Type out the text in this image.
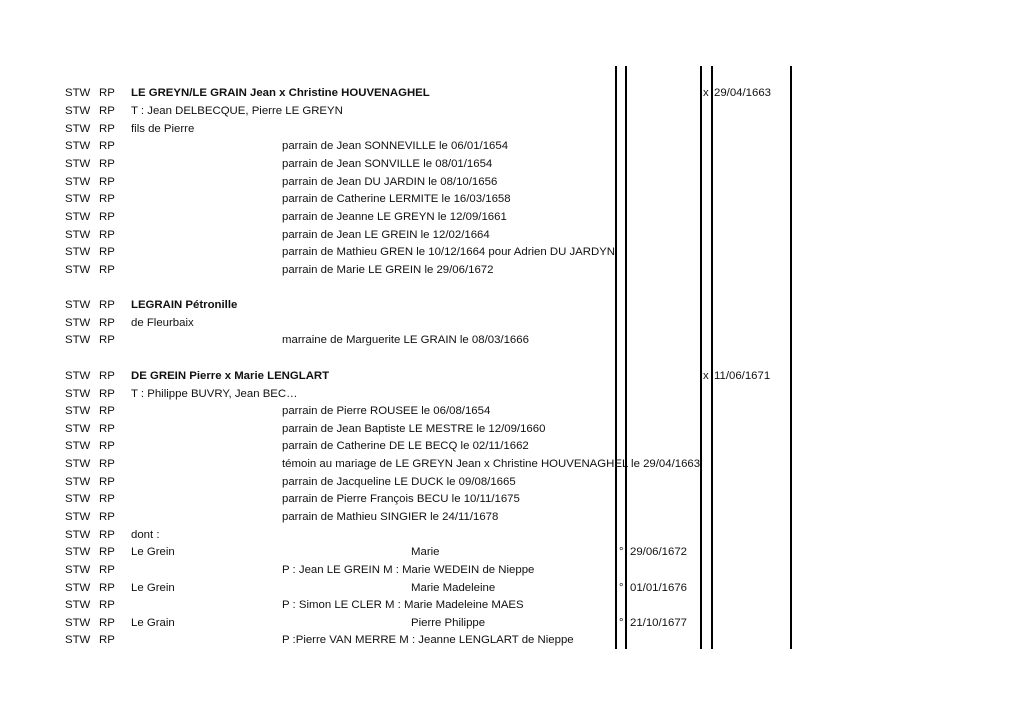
STW RP LE GREYN/LE GRAIN Jean x Christine HOUVENAGHEL	x 29/04/1663
STW RP T : Jean DELBECQUE, Pierre LE GREYN
STW RP fils de Pierre
STW RP	parrain de Jean SONNEVILLE le 06/01/1654
STW RP	parrain de Jean SONVILLE le 08/01/1654
STW RP	parrain de Jean DU JARDIN le 08/10/1656
STW RP	parrain de Catherine LERMITE le 16/03/1658
STW RP	parrain de Jeanne LE GREYN le 12/09/1661
STW RP	parrain de Jean LE GREIN le 12/02/1664
STW RP	parrain de Mathieu GREN le 10/12/1664 pour Adrien DU JARDYN
STW RP	parrain de Marie LE GREIN le 29/06/1672
STW RP LEGRAIN Pétronille
STW RP de Fleurbaix
STW RP	marraine de Marguerite LE GRAIN le 08/03/1666
STW RP DE GREIN Pierre x Marie LENGLART	x 11/06/1671
STW RP T : Philippe BUVRY, Jean BEC…
STW RP	parrain de Pierre ROUSEE le 06/08/1654
STW RP	parrain de Jean Baptiste LE MESTRE le 12/09/1660
STW RP	parrain de Catherine DE LE BECQ le 02/11/1662
STW RP	témoin au mariage de LE GREYN Jean x Christine HOUVENAGHEL le 29/04/1663
STW RP	parrain de Jacqueline LE DUCK le 09/08/1665
STW RP	parrain de Pierre François BECU le 10/11/1675
STW RP	parrain de Mathieu SINGIER le 24/11/1678
STW RP dont :
STW RP Le Grein	Marie	° 29/06/1672
STW RP	P : Jean LE GREIN M : Marie WEDEIN de Nieppe
STW RP Le Grein	Marie Madeleine	° 01/01/1676
STW RP	P : Simon LE CLER M : Marie Madeleine MAES
STW RP Le Grain	Pierre Philippe	° 21/10/1677
STW RP	P :Pierre VAN MERRE M : Jeanne LENGLART de Nieppe
